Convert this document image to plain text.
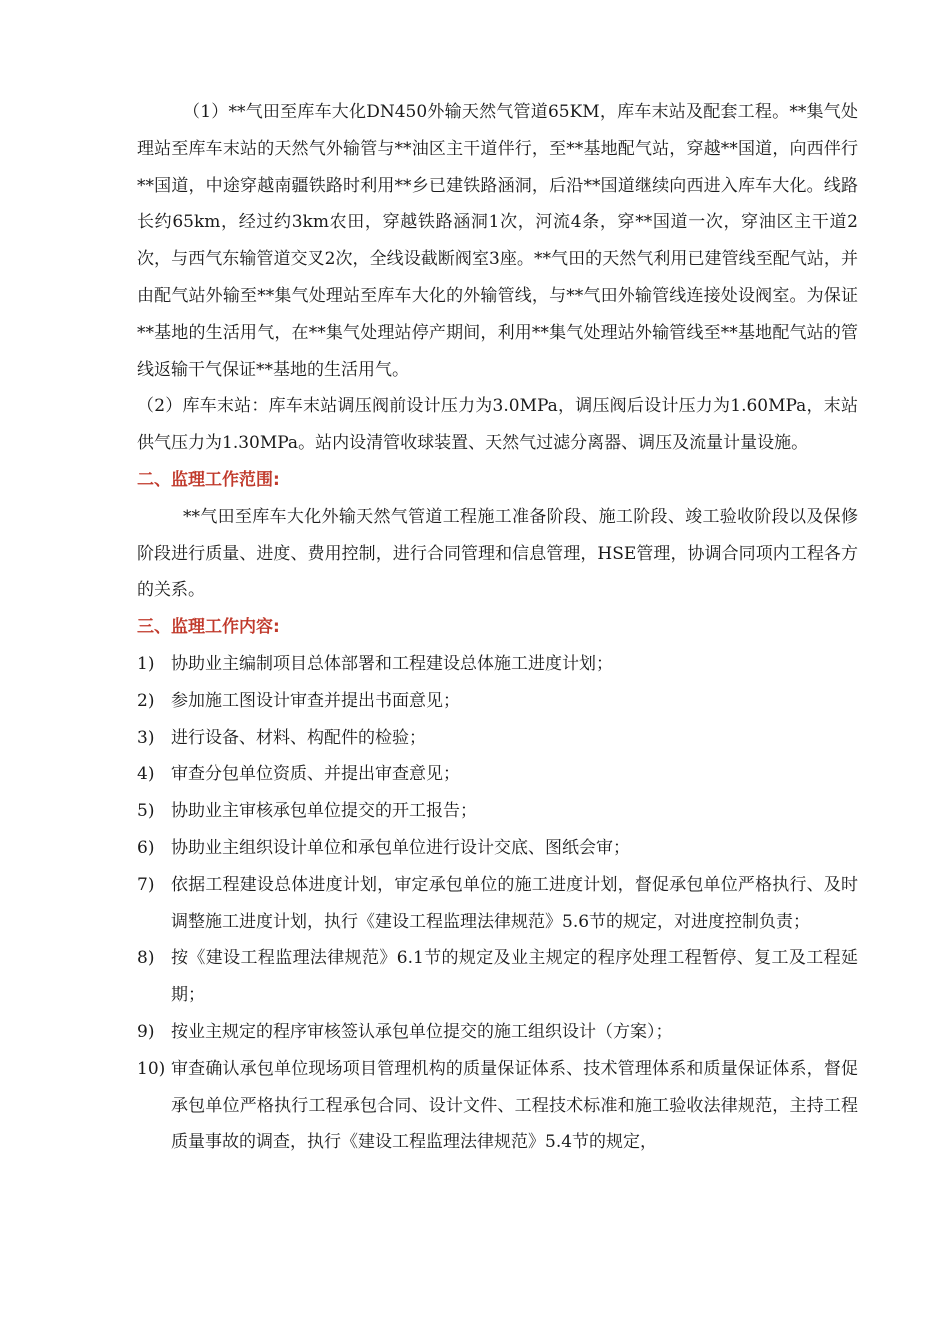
（1）**气田至库车大化DN450外输天然气管道65KM，库车末站及配套工程。**集气处理站至库车末站的天然气外输管与**油区主干道伴行，至**基地配气站，穿越**国道，向西伴行**国道，中途穿越南疆铁路时利用**乡已建铁路涵洞，后沿**国道继续向西进入库车大化。线路长约65km，经过约3km农田，穿越铁路涵洞1次，河流4条，穿**国道一次，穿油区主干道2次，与西气东输管道交叉2次，全线设截断阀室3座。**气田的天然气利用已建管线至配气站，并由配气站外输至**集气处理站至库车大化的外输管线，与**气田外输管线连接处设阀室。为保证**基地的生活用气，在**集气处理站停产期间，利用**集气处理站外输管线至**基地配气站的管线返输干气保证**基地的生活用气。

（2）库车末站：库车末站调压阀前设计压力为3.0MPa，调压阀后设计压力为1.60MPa，末站供气压力为1.30MPa。站内设清管收球装置、天然气过滤分离器、调压及流量计量设施。

二、监理工作范围:

**气田至库车大化外输天然气管道工程施工准备阶段、施工阶段、竣工验收阶段以及保修阶段进行质量、进度、费用控制，进行合同管理和信息管理，HSE管理，协调合同项内工程各方的关系。

三、监理工作内容:
1) 协助业主编制项目总体部署和工程建设总体施工进度计划；
2) 参加施工图设计审查并提出书面意见；
3) 进行设备、材料、构配件的检验；
4) 审查分包单位资质、并提出审查意见；
5) 协助业主审核承包单位提交的开工报告；
6) 协助业主组织设计单位和承包单位进行设计交底、图纸会审；
7) 依据工程建设总体进度计划，审定承包单位的施工进度计划，督促承包单位严格执行、及时调整施工进度计划，执行《建设工程监理法律规范》5.6节的规定，对进度控制负责；
8) 按《建设工程监理法律规范》6.1节的规定及业主规定的程序处理工程暂停、复工及工程延期；
9) 按业主规定的程序审核签认承包单位提交的施工组织设计（方案）；
10) 审查确认承包单位现场项目管理机构的质量保证体系、技术管理体系和质量保证体系，督促承包单位严格执行工程承包合同、设计文件、工程技术标准和施工验收法律规范，主持工程质量事故的调查，执行《建设工程监理法律规范》5.4节的规定，
